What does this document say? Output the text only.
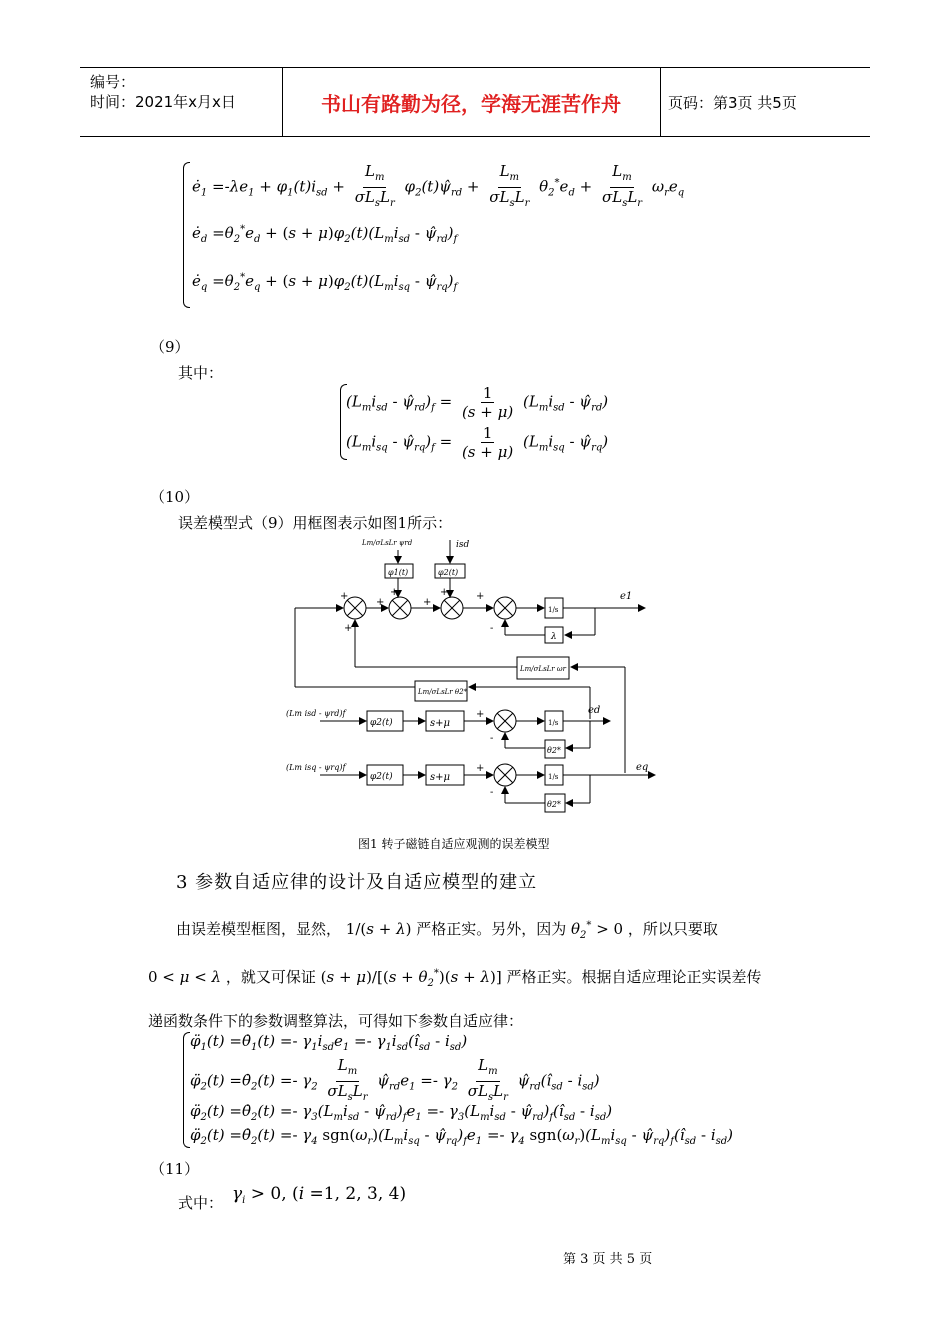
编号：
时间：2021年x月x日	书山有路勤为径，学海无涯苦作舟	页码：第3页 共5页
$ė_1 =-\lambda e_1 + \varphi_1(t)i_{sd} + \frac{L_m}{\sigma L_sL_r}$ $\varphi_2(t)\psî_{rd} + \frac{L_m}{\sigma L_sL_r} \theta_2^*e_d + \frac{L_m}{\sigma L_sL_r} \omega_re_q$
$ė_d =\theta_2^*e_d + (s + \mu)\varphi_2(t)(L_mi_{sd}$ - $\psî_{rd})_f$
$ė_q =\theta_2^*e_q + (s + \mu)\varphi_2(t)(L_mi_{sq}$ - $\psî_{rq})_f$
（9）
其中：
($L_mi_{sd}$ - $\psî_{rd})_f = \frac{1}{(s + \mu)} (L_mi_{sd}$ - $\psî_{rd}$)
($L_mi_{sq}$ - $\psî_{rq})_f = \frac{1}{(s + \mu)} (L_mi_{sq}$ - $\psî_{rq}$)
（10）
误差模型式（9）用框图表示如图1所示：
Lm/σLsLr ψrd	isd
φ1(t)	φ2(t)
1/s
λ
Lm/σLsLr ωr
Lm/σLsLr θ2*
(Lm isd - ψrd)f
φ2(t)	s+μ	1/s
θ2*
(Lm isq - ψrq)f
φ2(t)	s+μ	1/s
θ2*
e1
ed
eq
+
+	+
+	+
+	-
+
+
-
+
-
图1 转子磁链自适应观测的误差模型
3 参数自适应律的设计及自适应模型的建立
由误差模型框图，显然， 1/(s + λ) 严格正实。另外，因为 $\theta_2^* > 0$ ，所以只要取
0 < μ < λ ，就又可保证 $(s + \mu)/[(s + \theta_2^*)(s + \lambda)]$ 严格正实。根据自适应理论正实误差传
递函数条件下的参数调整算法，可得如下参数自适应律：
$\varphï_1(t)$ $=\thetȧ_1(t) =- \gamma_1i_{sd}e_1$ =- $\gamma_1i_{sd}(î_{sd} - i_{sd})$
$\varphï_2(t)$ $=\thetȧ_2(t) =- \gamma_2 \frac{L_m}{\sigma L_sL_r}$ $\psî_{rd}e_1 =- \gamma_2 \frac{L_m}{\sigma L_sL_r}$ $\psî_{rd}(î_{sd} - i_{sd})$
$\varphï_2(t)$ $=\thetȧ_2(t) =- \gamma_3(L_mi_{sd}$ - $\psî_{rd})_fe_1 =- \gamma_3(L_mi_{sd}$ - $\psî_{rd})_f(î_{sd} - i_{sd})$
$\varphï_2(t)$ $=\thetȧ_2(t) =- \gamma_4$ $sgn(\omega_r)(L_mi_{sq}$ - $\psî_{rq})_fe_1 =- \gamma_4$ $sgn(\omega_r)(L_mi_{sq}$ - $\psî_{rq})_f(î_{sd} - i_{sd})$
（11）
式中： $\gamma_i > 0$, (i =1, 2, 3, 4)
第 3 页 共 5 页
